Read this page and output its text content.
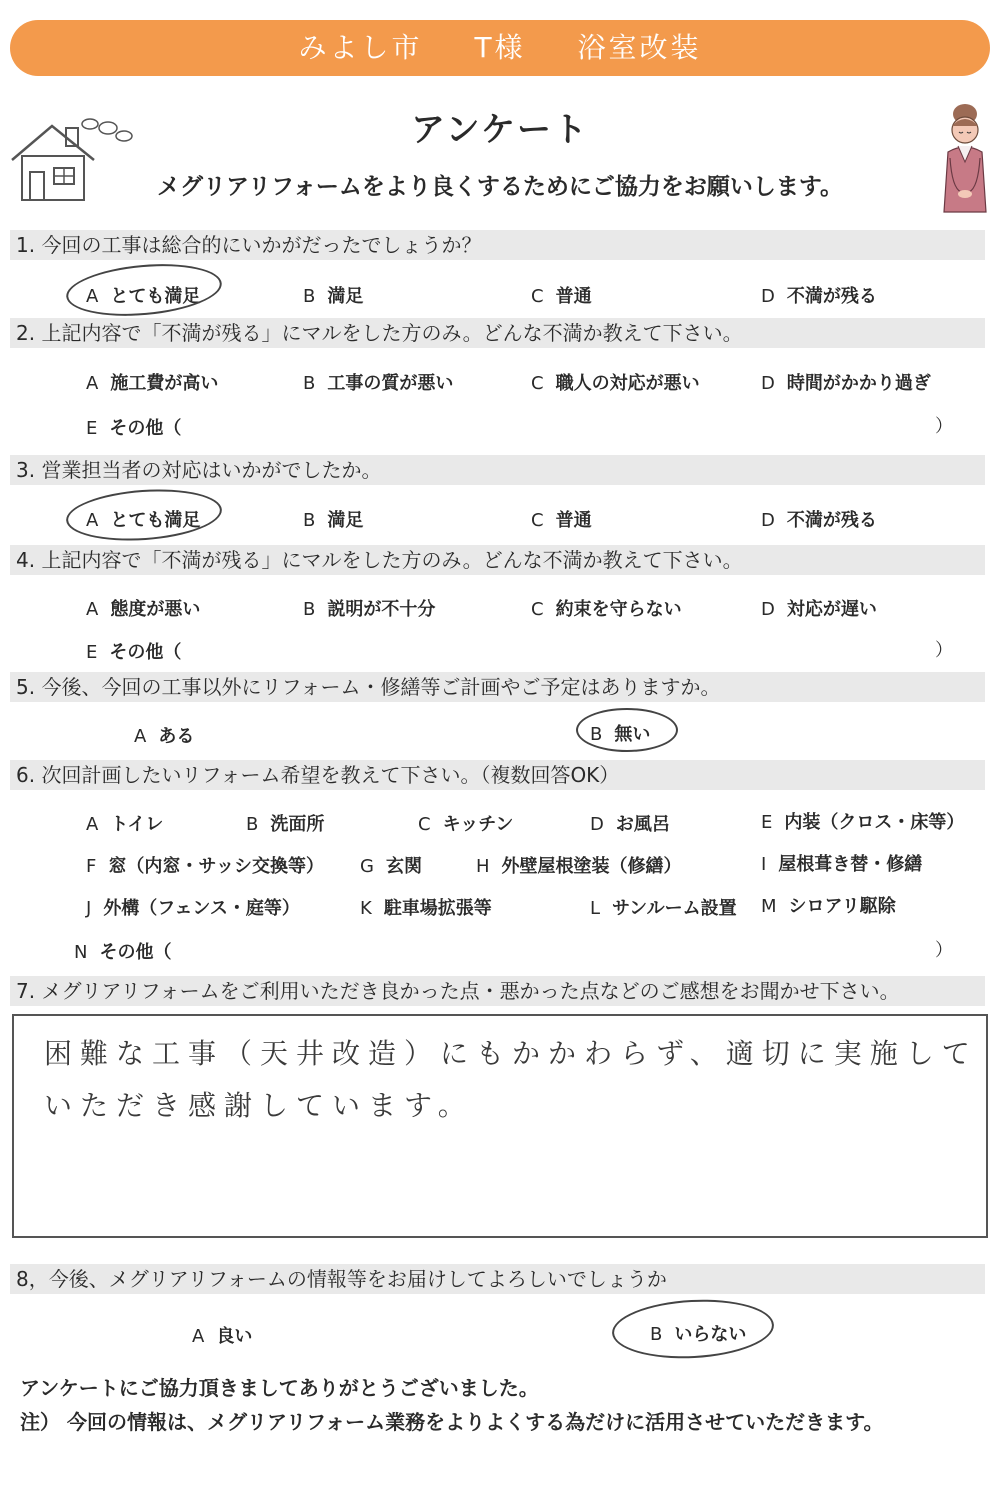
みよし市 T様 浴室改装
アンケート
メグリアリフォームをより良くするためにご協力をお願いします。
1. 今回の工事は総合的にいかがだったでしょうか？
A とても満足	B 満足	C 普通	D 不満が残る
2. 上記内容で「不満が残る」にマルをした方のみ。どんな不満か教えて下さい。
A 施工費が高い	B 工事の質が悪い	C 職人の対応が悪い	D 時間がかかり過ぎ
E その他（	）
3. 営業担当者の対応はいかがでしたか。
A とても満足	B 満足	C 普通	D 不満が残る
4. 上記内容で「不満が残る」にマルをした方のみ。どんな不満か教えて下さい。
A 態度が悪い	B 説明が不十分	C 約束を守らない	D 対応が遅い
E その他（	）
5. 今後、今回の工事以外にリフォーム・修繕等ご計画やご予定はありますか。
A ある	B 無い
6. 次回計画したいリフォーム希望を教えて下さい。（複数回答OK）
A トイレ	B 洗面所	C キッチン	D お風呂	E 内装（クロス・床等）
F 窓（内窓・サッシ交換等） G 玄関	H 外壁屋根塗装（修繕）	I 屋根葺き替・修繕
J 外構（フェンス・庭等）	K 駐車場拡張等	L サンルーム設置 M シロアリ駆除
N その他（	）
7. メグリアリフォームをご利用いただき良かった点・悪かった点などのご感想をお聞かせ下さい。
困難な工事（天井改造）にもかかわらず、適切に実施して
いただき感謝しています。
8，今後、メグリアリフォームの情報等をお届けしてよろしいでしょうか
A 良い	B いらない
アンケートにご協力頂きましてありがとうございました。
注） 今回の情報は、メグリアリフォーム業務をよりよくする為だけに活用させていただきます。
